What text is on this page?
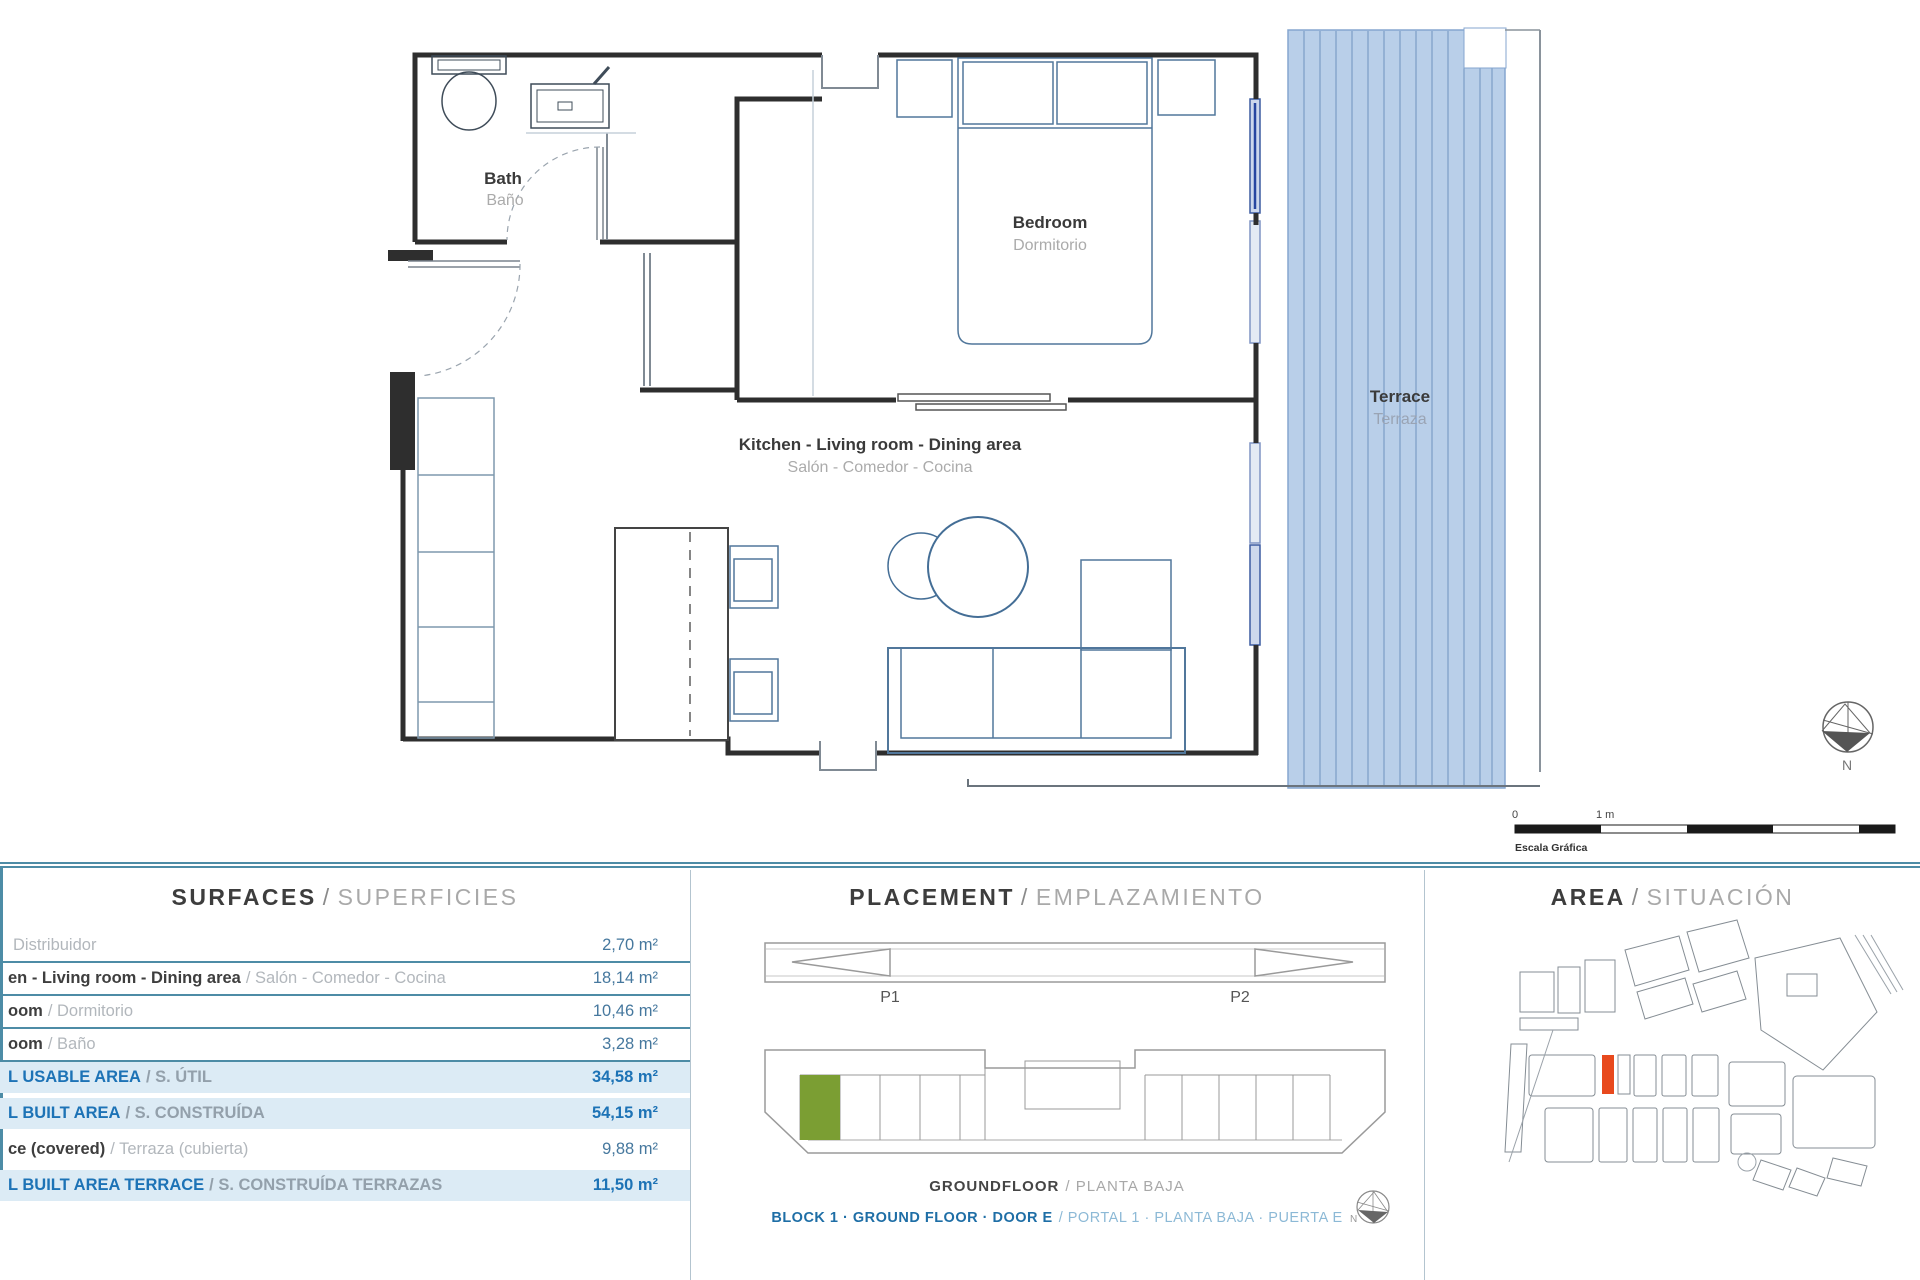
Bath
Baño
Bedroom
Dormitorio
Kitchen - Living room - Dining area
Salón - Comedor - Cocina
Terrace
Terraza
N
0	1 m
Escala Gráfica
SURFACES / SUPERFICIES
Distribuidor	2,70 m²
en - Living room - Dining area / Salón - Comedor - Cocina	18,14 m²
oom / Dormitorio	10,46 m²
oom / Baño	3,28 m²
L USABLE AREA / S. ÚTIL	34,58 m²
L BUILT AREA / S. CONSTRUÍDA	54,15 m²
ce (covered) / Terraza (cubierta)	9,88 m²
L BUILT AREA TERRACE / S. CONSTRUÍDA TERRAZAS	11,50 m²
PLACEMENT / EMPLAZAMIENTO
P1	P2
N
GROUNDFLOOR / PLANTA BAJA
BLOCK 1 · GROUND FLOOR · DOOR E / PORTAL 1 · PLANTA BAJA · PUERTA E
AREA / SITUACIÓN
